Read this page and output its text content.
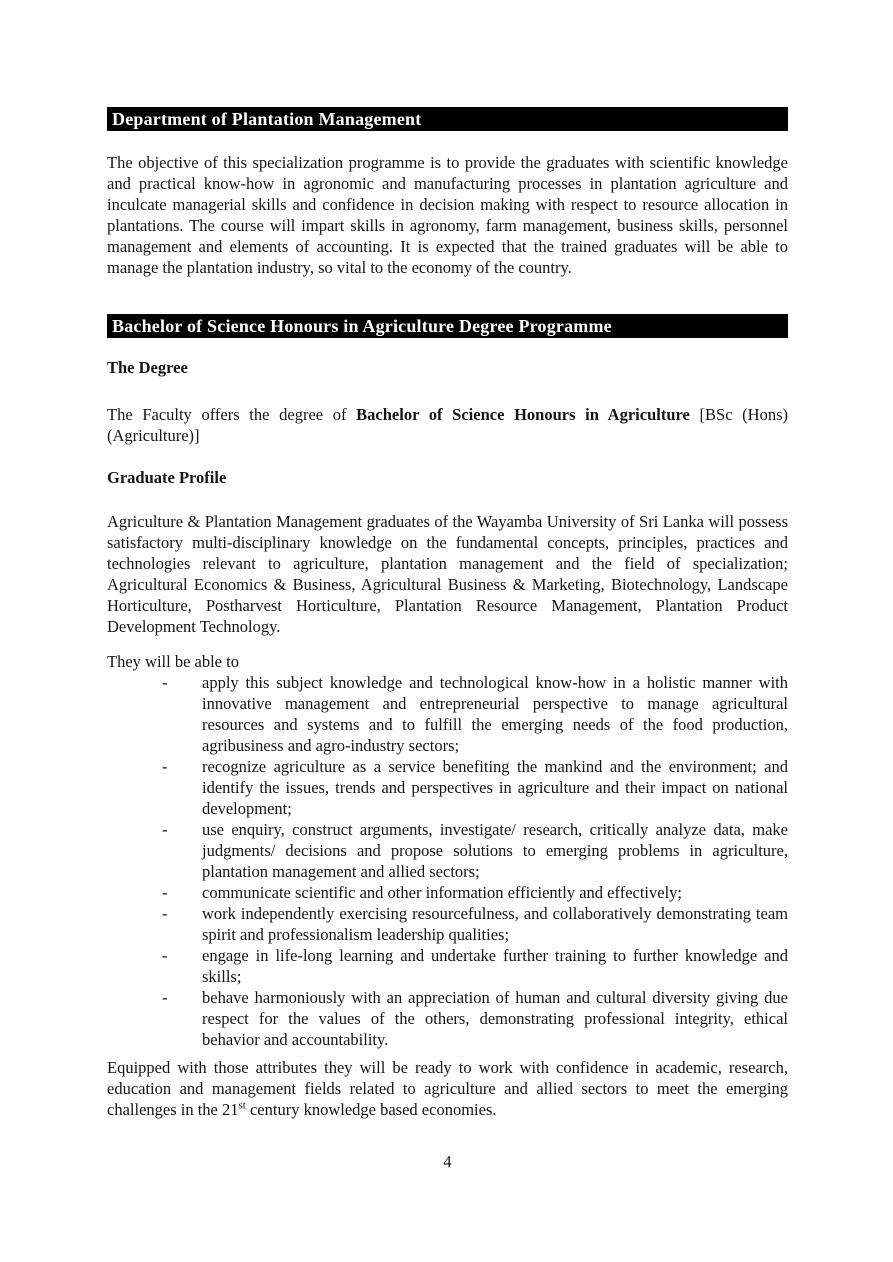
Department of Plantation Management

The objective of this specialization programme is to provide the graduates with scientific knowledge and practical know-how in agronomic and manufacturing processes in plantation agriculture and inculcate managerial skills and confidence in decision making with respect to resource allocation in plantations. The course will impart skills in agronomy, farm management, business skills, personnel management and elements of accounting. It is expected that the trained graduates will be able to manage the plantation industry, so vital to the economy of the country.

Bachelor of Science Honours in Agriculture Degree Programme
The Degree

The Faculty offers the degree of Bachelor of Science Honours in Agriculture [BSc (Hons) (Agriculture)]

Graduate Profile

Agriculture & Plantation Management graduates of the Wayamba University of Sri Lanka will possess satisfactory multi-disciplinary knowledge on the fundamental concepts, principles, practices and technologies relevant to agriculture, plantation management and the field of specialization; Agricultural Economics & Business, Agricultural Business & Marketing, Biotechnology, Landscape Horticulture, Postharvest Horticulture, Plantation Resource Management, Plantation Product Development Technology.

They will be able to

- apply this subject knowledge and technological know-how in a holistic manner with innovative management and entrepreneurial perspective to manage agricultural resources and systems and to fulfill the emerging needs of the food production, agribusiness and agro-industry sectors;
- recognize agriculture as a service benefiting the mankind and the environment; and identify the issues, trends and perspectives in agriculture and their impact on national development;
- use enquiry, construct arguments, investigate/ research, critically analyze data, make judgments/ decisions and propose solutions to emerging problems in agriculture, plantation management and allied sectors;
- communicate scientific and other information efficiently and effectively;
- work independently exercising resourcefulness, and collaboratively demonstrating team spirit and professionalism leadership qualities;
- engage in life-long learning and undertake further training to further knowledge and skills;
- behave harmoniously with an appreciation of human and cultural diversity giving due respect for the values of the others, demonstrating professional integrity, ethical behavior and accountability.

Equipped with those attributes they will be ready to work with confidence in academic, research, education and management fields related to agriculture and allied sectors to meet the emerging challenges in the 21st century knowledge based economies.

4
